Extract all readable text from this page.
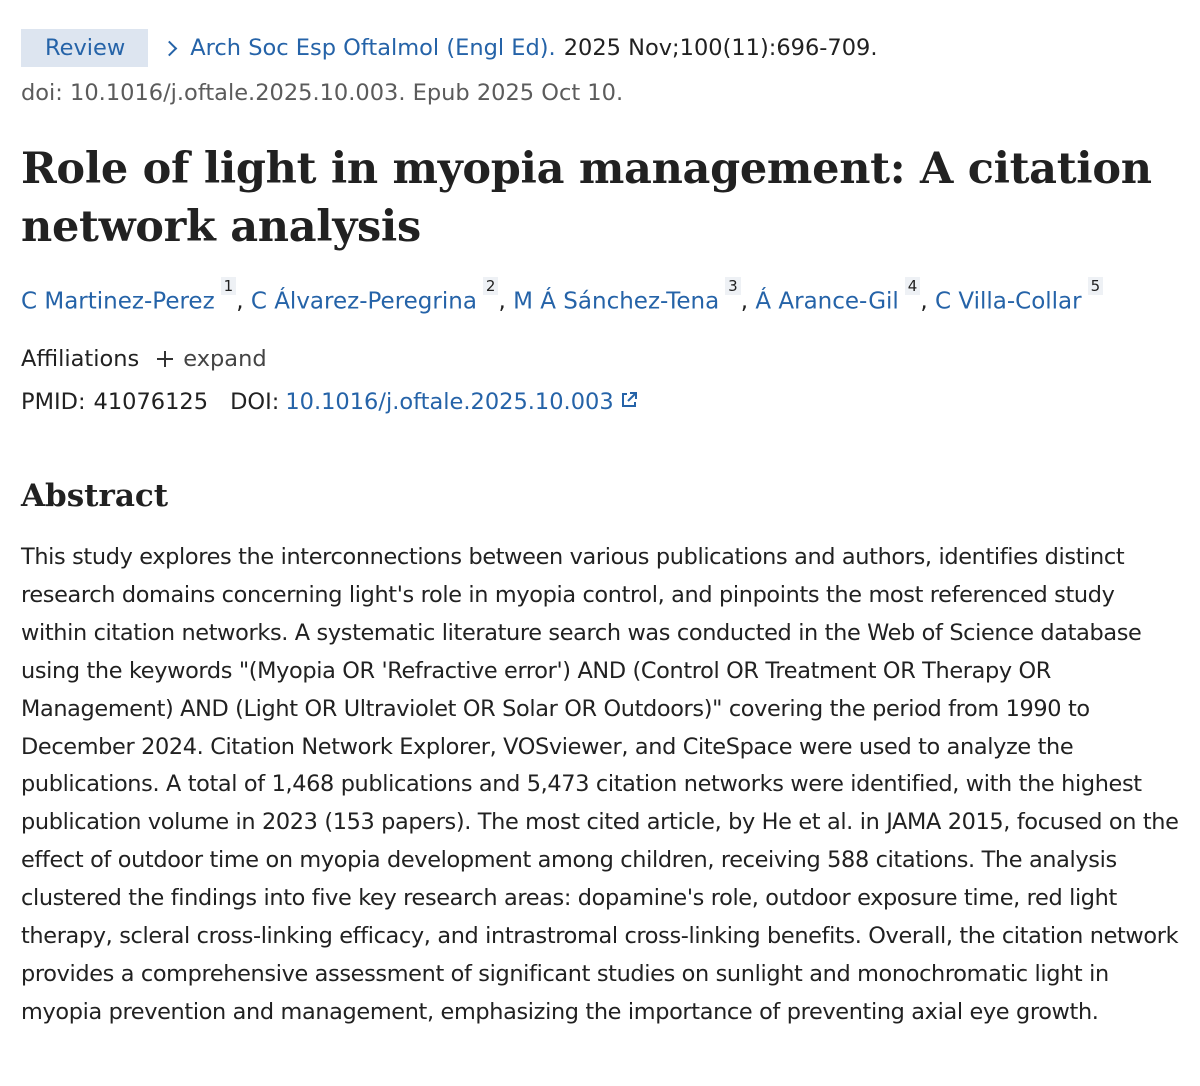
Review	Arch Soc Esp Oftalmol (Engl Ed). 2025 Nov;100(11):696-709.
doi: 10.1016/j.oftale.2025.10.003. Epub 2025 Oct 10.
Role of light in myopia management: A citation network analysis
C Martinez-Perez$^1$, C Álvarez-Peregrina$^2$, M Á Sánchez-Tena$^3$, Á Arance-Gil$^4$, C Villa-Collar$^5$
Affiliations expand
PMID: 41076125 DOI: 10.1016/j.oftale.2025.10.003
Abstract

This study explores the interconnections between various publications and authors, identifies distinct research domains concerning light's role in myopia control, and pinpoints the most referenced study within citation networks. A systematic literature search was conducted in the Web of Science database using the keywords "(Myopia OR 'Refractive error') AND (Control OR Treatment OR Therapy OR Management) AND (Light OR Ultraviolet OR Solar OR Outdoors)" covering the period from 1990 to December 2024. Citation Network Explorer, VOSviewer, and CiteSpace were used to analyze the publications. A total of 1,468 publications and 5,473 citation networks were identified, with the highest publication volume in 2023 (153 papers). The most cited article, by He et al. in JAMA 2015, focused on the effect of outdoor time on myopia development among children, receiving 588 citations. The analysis clustered the findings into five key research areas: dopamine's role, outdoor exposure time, red light therapy, scleral cross-linking efficacy, and intrastromal cross-linking benefits. Overall, the citation network provides a comprehensive assessment of significant studies on sunlight and monochromatic light in myopia prevention and management, emphasizing the importance of preventing axial eye growth.
